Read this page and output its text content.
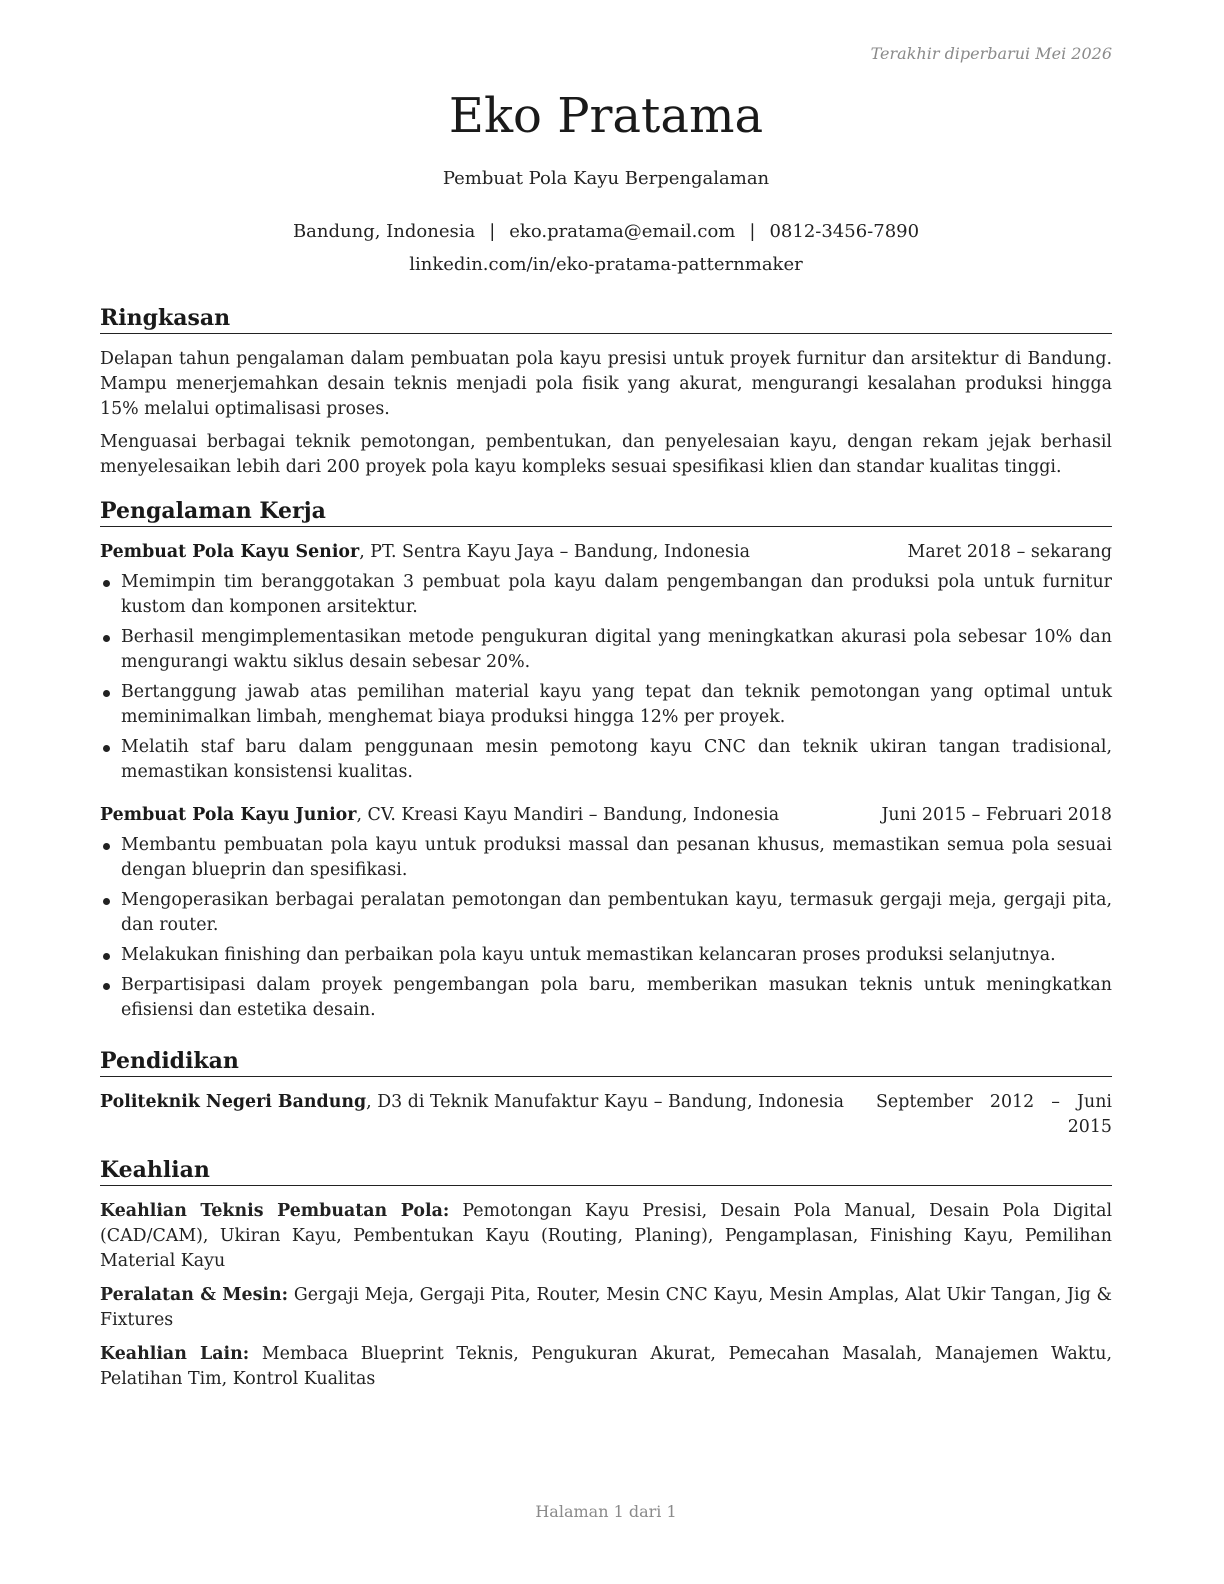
Terakhir diperbarui Mei 2026
Eko Pratama
Pembuat Pola Kayu Berpengalaman
Bandung, Indonesia | eko.pratama@email.com | 0812-3456-7890
linkedin.com/in/eko-pratama-patternmaker
Ringkasan

Delapan tahun pengalaman dalam pembuatan pola kayu presisi untuk proyek furnitur dan arsitektur di Bandung. Mampu menerjemahkan desain teknis menjadi pola fisik yang akurat, mengurangi kesalahan produksi hingga 15% melalui optimalisasi proses.

Menguasai berbagai teknik pemotongan, pembentukan, dan penyelesaian kayu, dengan rekam jejak berhasil menyelesaikan lebih dari 200 proyek pola kayu kompleks sesuai spesifikasi klien dan standar kualitas tinggi.

Pengalaman Kerja
Pembuat Pola Kayu Senior, PT. Sentra Kayu Jaya – Bandung, Indonesia	Maret 2018 – sekarang
Memimpin tim beranggotakan 3 pembuat pola kayu dalam pengembangan dan produksi pola untuk furnitur kustom dan komponen arsitektur.
Berhasil mengimplementasikan metode pengukuran digital yang meningkatkan akurasi pola sebesar 10% dan mengurangi waktu siklus desain sebesar 20%.
Bertanggung jawab atas pemilihan material kayu yang tepat dan teknik pemotongan yang optimal untuk meminimalkan limbah, menghemat biaya produksi hingga 12% per proyek.
Melatih staf baru dalam penggunaan mesin pemotong kayu CNC dan teknik ukiran tangan tradisional, memastikan konsistensi kualitas.
Pembuat Pola Kayu Junior, CV. Kreasi Kayu Mandiri – Bandung, Indonesia	Juni 2015 – Februari 2018
Membantu pembuatan pola kayu untuk produksi massal dan pesanan khusus, memastikan semua pola sesuai dengan blueprin dan spesifikasi.
Mengoperasikan berbagai peralatan pemotongan dan pembentukan kayu, termasuk gergaji meja, gergaji pita, dan router.
Melakukan finishing dan perbaikan pola kayu untuk memastikan kelancaran proses produksi selanjutnya.
Berpartisipasi dalam proyek pengembangan pola baru, memberikan masukan teknis untuk meningkatkan efisiensi dan estetika desain.
Pendidikan
Politeknik Negeri Bandung, D3 di Teknik Manufaktur Kayu – Bandung, Indonesia	September 2012 – Juni 2015
Keahlian

Keahlian Teknis Pembuatan Pola: Pemotongan Kayu Presisi, Desain Pola Manual, Desain Pola Digital (CAD/CAM), Ukiran Kayu, Pembentukan Kayu (Routing, Planing), Pengamplasan, Finishing Kayu, Pemilihan Material Kayu

Peralatan & Mesin: Gergaji Meja, Gergaji Pita, Router, Mesin CNC Kayu, Mesin Amplas, Alat Ukir Tangan, Jig & Fixtures

Keahlian Lain: Membaca Blueprint Teknis, Pengukuran Akurat, Pemecahan Masalah, Manajemen Waktu, Pelatihan Tim, Kontrol Kualitas

Halaman 1 dari 1
